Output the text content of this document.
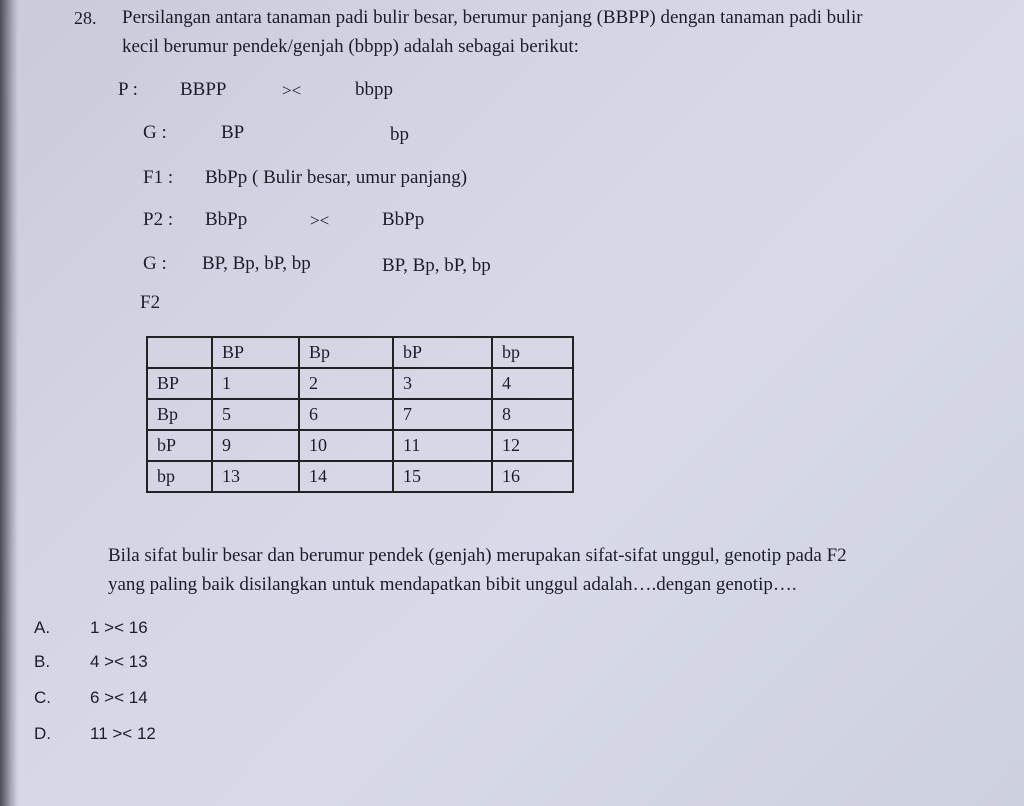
28. Persilangan antara tanaman padi bulir besar, berumur panjang (BBPP) dengan tanaman padi bulir
kecil berumur pendek/genjah (bbpp) adalah sebagai berikut:
P : BBPP	><	bbpp
G :	BP	bp
F1 : BbPp ( Bulir besar, umur panjang)
P2 : BbPp	><	BbPp
G : BP, Bp, bP, bp	BP, Bp, bP, bp
F2
	BP	Bp	bP	bp
BP	1	2	3	4
Bp	5	6	7	8
bP	9	10	11	12
bp	13	14	15	16
Bila sifat bulir besar dan berumur pendek (genjah) merupakan sifat-sifat unggul, genotip pada F2
yang paling baik disilangkan untuk mendapatkan bibit unggul adalah….dengan genotip….
A. 1 >< 16
B. 4 >< 13
C. 6 >< 14
D. 11 >< 12
